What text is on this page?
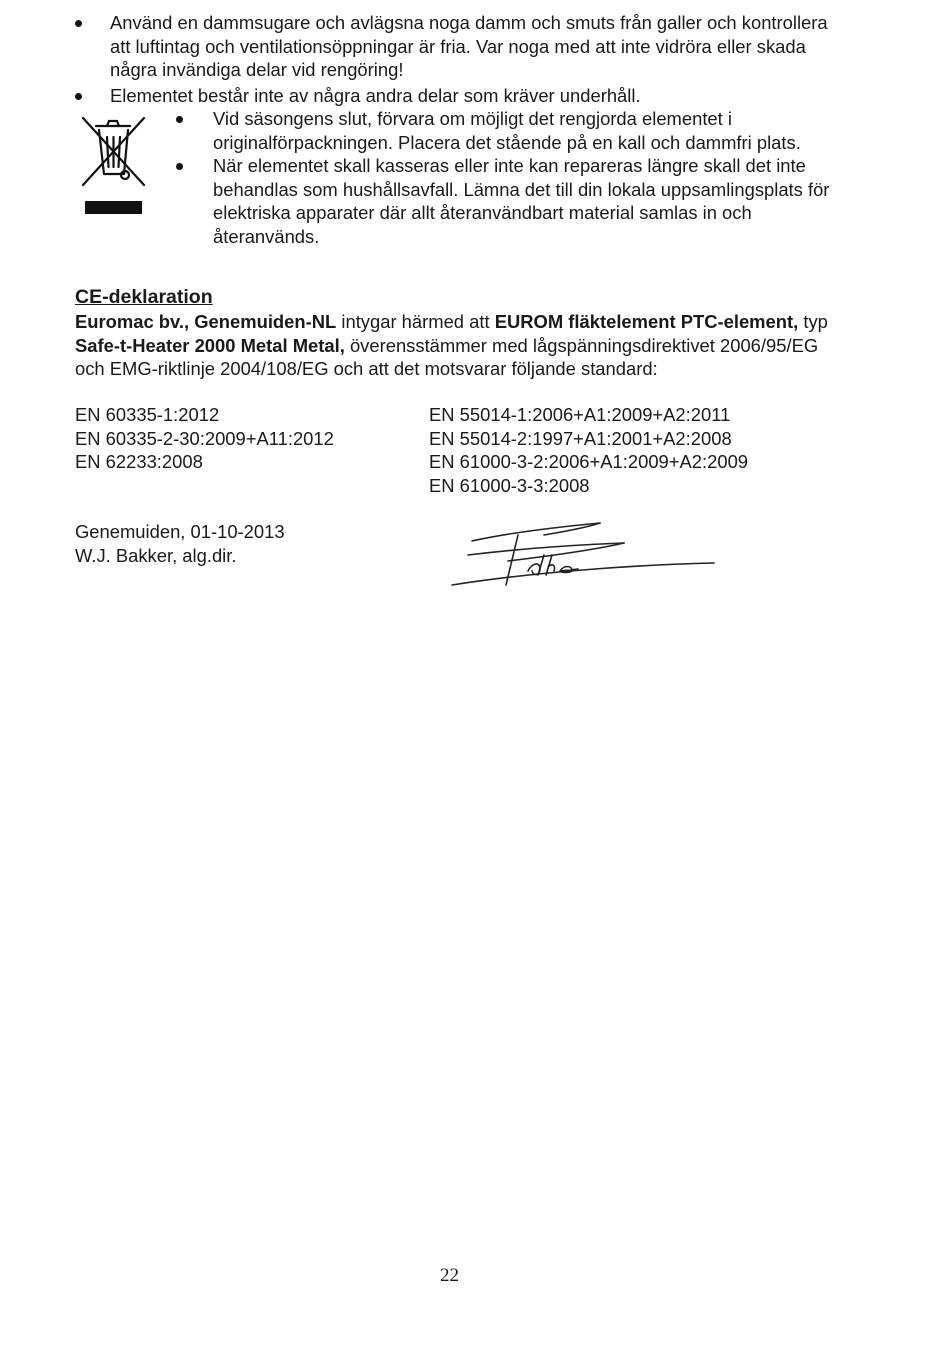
Använd en dammsugare och avlägsna noga damm och smuts från galler och kontrollera
att luftintag och ventilationsöppningar är fria. Var noga med att inte vidröra eller skada
några invändiga delar vid rengöring!
Elementet består inte av några andra delar som kräver underhåll.
Vid säsongens slut, förvara om möjligt det rengjorda elementet i
originalförpackningen. Placera det stående på en kall och dammfri plats.
När elementet skall kasseras eller inte kan repareras längre skall det inte
behandlas som hushållsavfall. Lämna det till din lokala uppsamlingsplats för
elektriska apparater där allt återanvändbart material samlas in och
återanvänds.
CE-deklaration
Euromac bv., Genemuiden-NL intygar härmed att EUROM fläktelement PTC-element, typ
Safe-t-Heater 2000 Metal Metal, överensstämmer med lågspänningsdirektivet 2006/95/EG
och EMG-riktlinje 2004/108/EG och att det motsvarar följande standard:
EN 60335-1:2012
EN 60335-2-30:2009+A11:2012
EN 62233:2008
EN 55014-1:2006+A1:2009+A2:2011
EN 55014-2:1997+A1:2001+A2:2008
EN 61000-3-2:2006+A1:2009+A2:2009
EN 61000-3-3:2008
Genemuiden, 01-10-2013
W.J. Bakker, alg.dir.
22
